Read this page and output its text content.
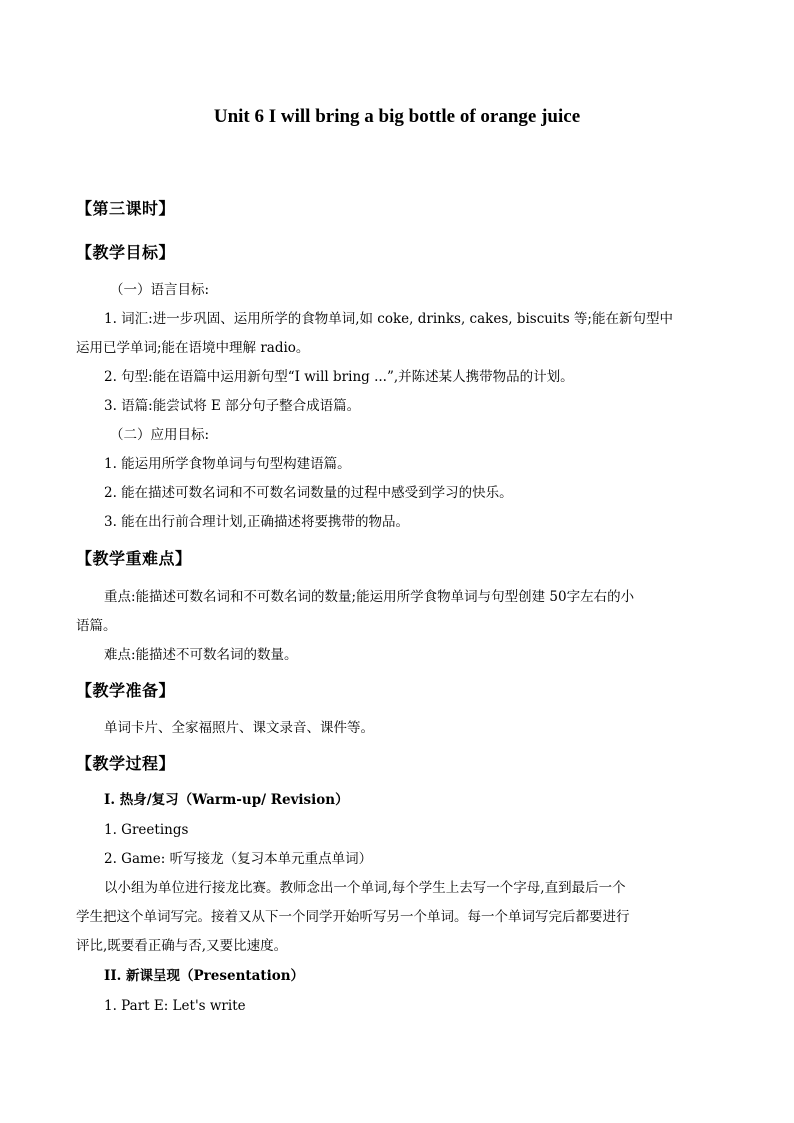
Unit 6 I will bring a big bottle of orange juice
【第三课时】
【教学目标】
（一）语言目标:
1. 词汇:进一步巩固、运用所学的食物单词,如 coke, drinks, cakes, biscuits 等;能在新句型中
运用已学单词;能在语境中理解 radio。
2. 句型:能在语篇中运用新句型“I will bring ...”,并陈述某人携带物品的计划。
3. 语篇:能尝试将 E 部分句子整合成语篇。
（二）应用目标:
1. 能运用所学食物单词与句型构建语篇。
2. 能在描述可数名词和不可数名词数量的过程中感受到学习的快乐。
3. 能在出行前合理计划,正确描述将要携带的物品。
【教学重难点】
重点:能描述可数名词和不可数名词的数量;能运用所学食物单词与句型创建 50字左右的小
语篇。
难点:能描述不可数名词的数量。
【教学准备】
单词卡片、全家福照片、课文录音、课件等。
【教学过程】
I. 热身/复习（Warm-up/ Revision）
1. Greetings
2. Game: 听写接龙（复习本单元重点单词）
以小组为单位进行接龙比赛。教师念出一个单词,每个学生上去写一个字母,直到最后一个
学生把这个单词写完。接着又从下一个同学开始听写另一个单词。每一个单词写完后都要进行
评比,既要看正确与否,又要比速度。
II. 新课呈现（Presentation）
1. Part E: Let's write
